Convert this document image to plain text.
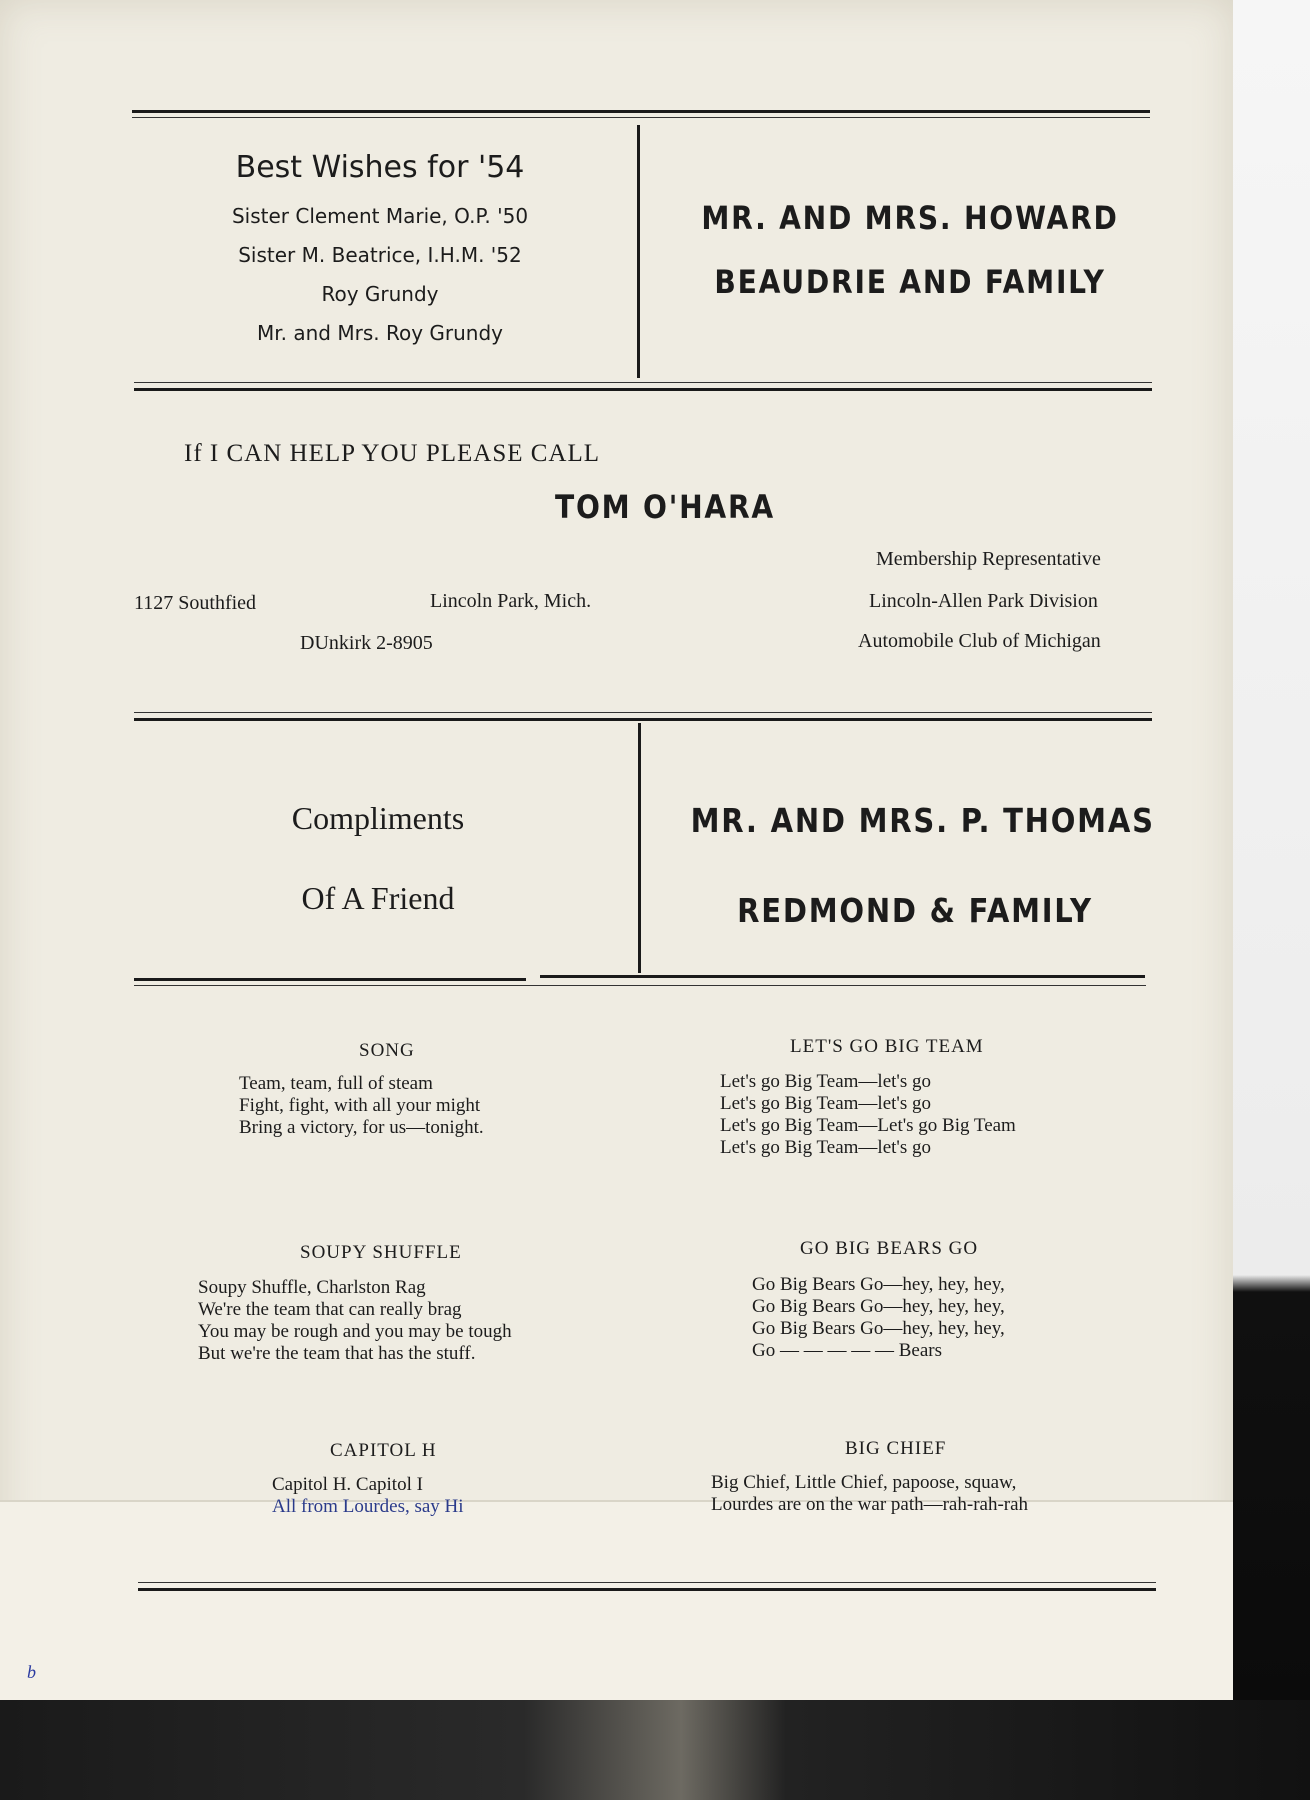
Best Wishes for '54
Sister Clement Marie, O.P. '50
Sister M. Beatrice, I.H.M. '52
Roy Grundy
Mr. and Mrs. Roy Grundy
MR. AND MRS. HOWARD
BEAUDRIE AND FAMILY
If I CAN HELP YOU PLEASE CALL
TOM O'HARA
1127 Southfied	Lincoln Park, Mich.
DUnkirk 2-8905
Membership Representative
Lincoln-Allen Park Division
Automobile Club of Michigan
Compliments
Of A Friend
MR. AND MRS. P. THOMAS
REDMOND & FAMILY
SONG
Team, team, full of steam
Fight, fight, with all your might
Bring a victory, for us—tonight.
LET'S GO BIG TEAM
Let's go Big Team—let's go
Let's go Big Team—let's go
Let's go Big Team—Let's go Big Team
Let's go Big Team—let's go
SOUPY SHUFFLE
Soupy Shuffle, Charlston Rag
We're the team that can really brag
You may be rough and you may be tough
But we're the team that has the stuff.
GO BIG BEARS GO
Go Big Bears Go—hey, hey, hey,
Go Big Bears Go—hey, hey, hey,
Go Big Bears Go—hey, hey, hey,
Go — — — — — Bears
CAPITOL H
Capitol H. Capitol I
All from Lourdes, say Hi
BIG CHIEF
Big Chief, Little Chief, papoose, squaw,
Lourdes are on the war path—rah-rah-rah
b
